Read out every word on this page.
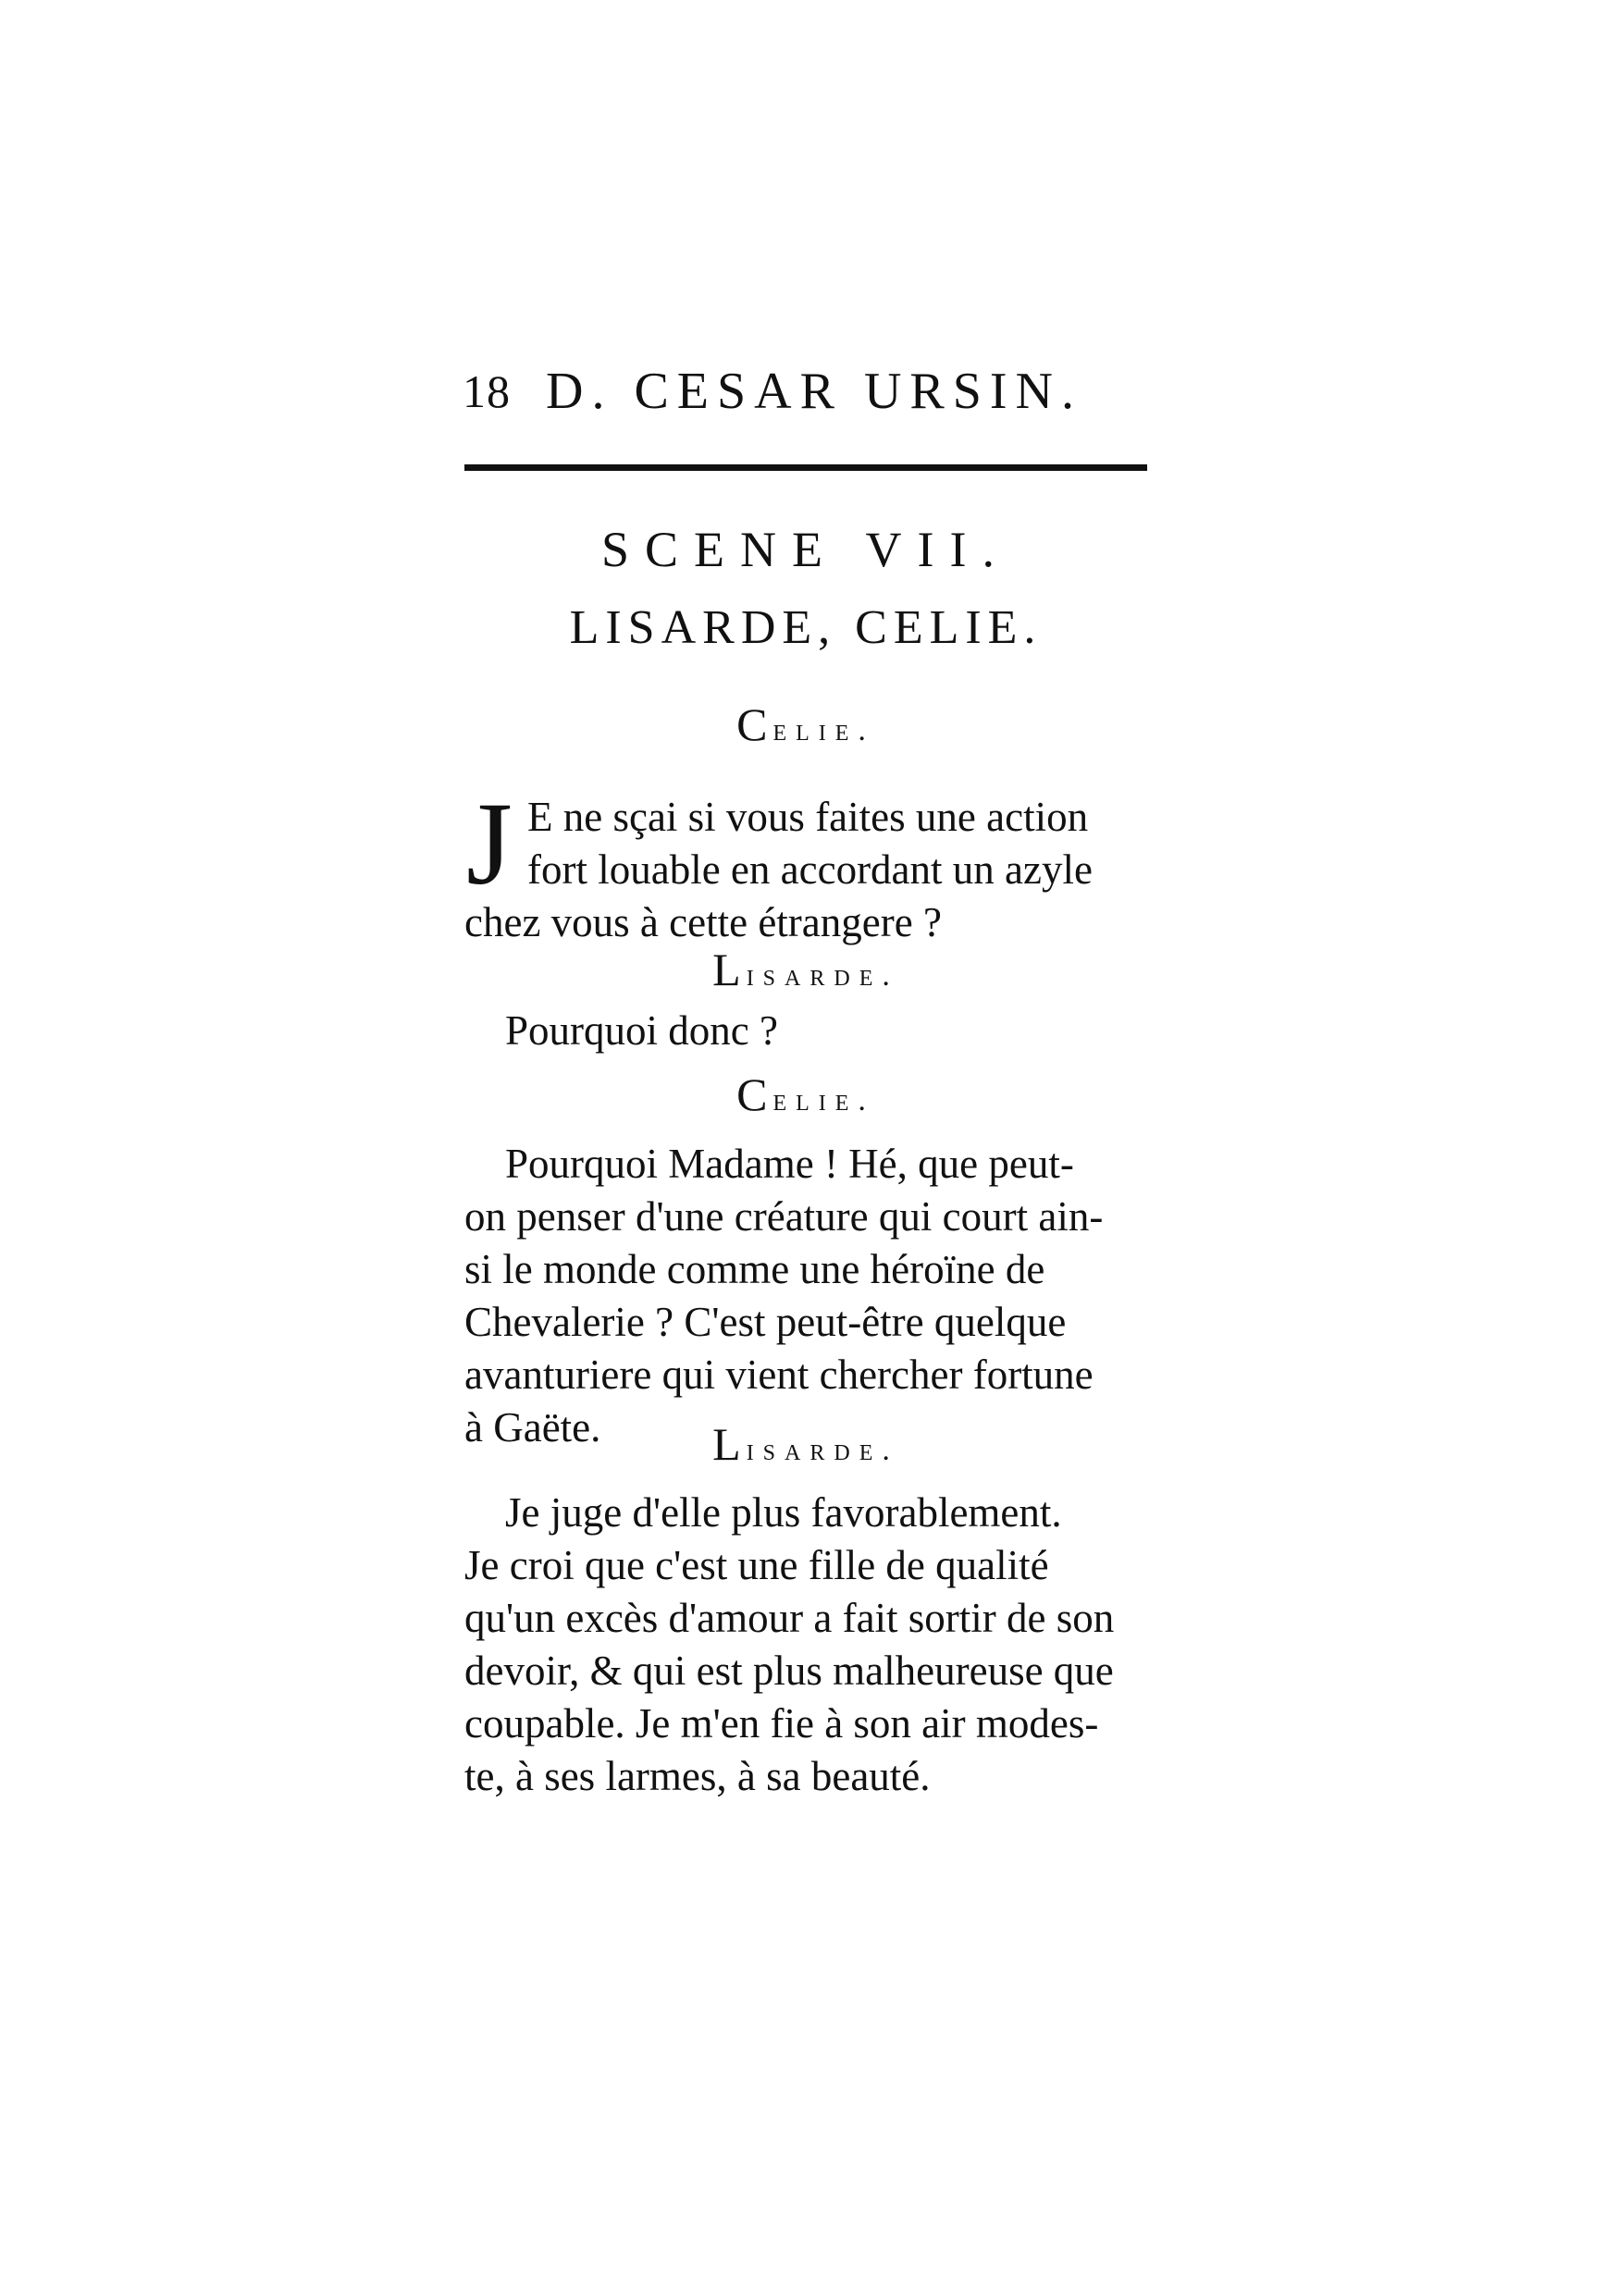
18 D. CESAR URSIN.
SCENE VII.
LISARDE, CELIE.
Celie.
J E ne sçai si vous faites une action
fort louable en accordant un azyle
chez vous à cette étrangere ?
Lisarde.
Pourquoi donc ?
Celie.
Pourquoi Madame ! Hé, que peut-
on penser d'une créature qui court ain-
si le monde comme une héroïne de
Chevalerie ? C'est peut-être quelque
avanturiere qui vient chercher fortune
à Gaëte.	Lisarde.
Je juge d'elle plus favorablement.
Je croi que c'est une fille de qualité
qu'un excès d'amour a fait sortir de son
devoir, & qui est plus malheureuse que
coupable. Je m'en fie à son air modes-
te, à ses larmes, à sa beauté.
